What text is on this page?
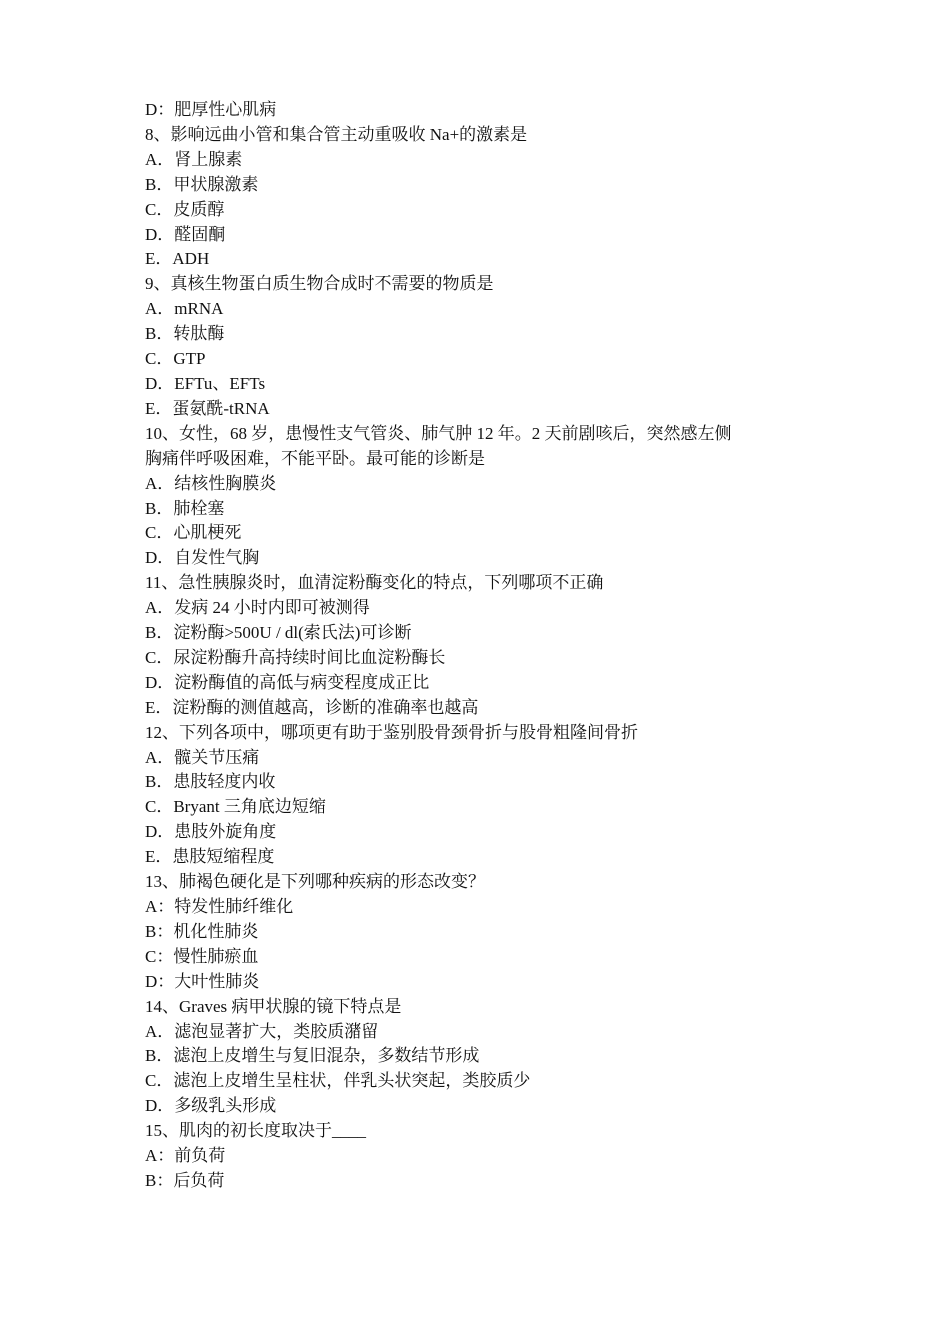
D：肥厚性心肌病

8、影响远曲小管和集合管主动重吸收 Na+的激素是

A．肾上腺素

B．甲状腺激素

C．皮质醇

D．醛固酮

E．ADH

9、真核生物蛋白质生物合成时不需要的物质是

A．mRNA

B．转肽酶

C．GTP

D．EFTu、EFTs

E．蛋氨酰-tRNA

10、女性，68 岁，患慢性支气管炎、肺气肿 12 年。2 天前剧咳后，突然感左侧

胸痛伴呼吸困难，不能平卧。最可能的诊断是

A．结核性胸膜炎

B．肺栓塞

C．心肌梗死

D．自发性气胸

11、急性胰腺炎时，血清淀粉酶变化的特点，下列哪项不正确

A．发病 24 小时内即可被测得

B．淀粉酶>500U / dl(索氏法)可诊断

C．尿淀粉酶升高持续时间比血淀粉酶长

D．淀粉酶值的高低与病变程度成正比

E．淀粉酶的测值越高，诊断的准确率也越高

12、下列各项中，哪项更有助于鉴别股骨颈骨折与股骨粗隆间骨折

A．髋关节压痛

B．患肢轻度内收

C．Bryant 三角底边短缩

D．患肢外旋角度

E．患肢短缩程度

13、肺褐色硬化是下列哪种疾病的形态改变？

A：特发性肺纤维化

B：机化性肺炎

C：慢性肺瘀血

D：大叶性肺炎

14、Graves 病甲状腺的镜下特点是

A．滤泡显著扩大，类胶质潴留

B．滤泡上皮增生与复旧混杂，多数结节形成

C．滤泡上皮增生呈柱状，伴乳头状突起，类胶质少

D．多级乳头形成

15、肌肉的初长度取决于____

A：前负荷

B：后负荷
